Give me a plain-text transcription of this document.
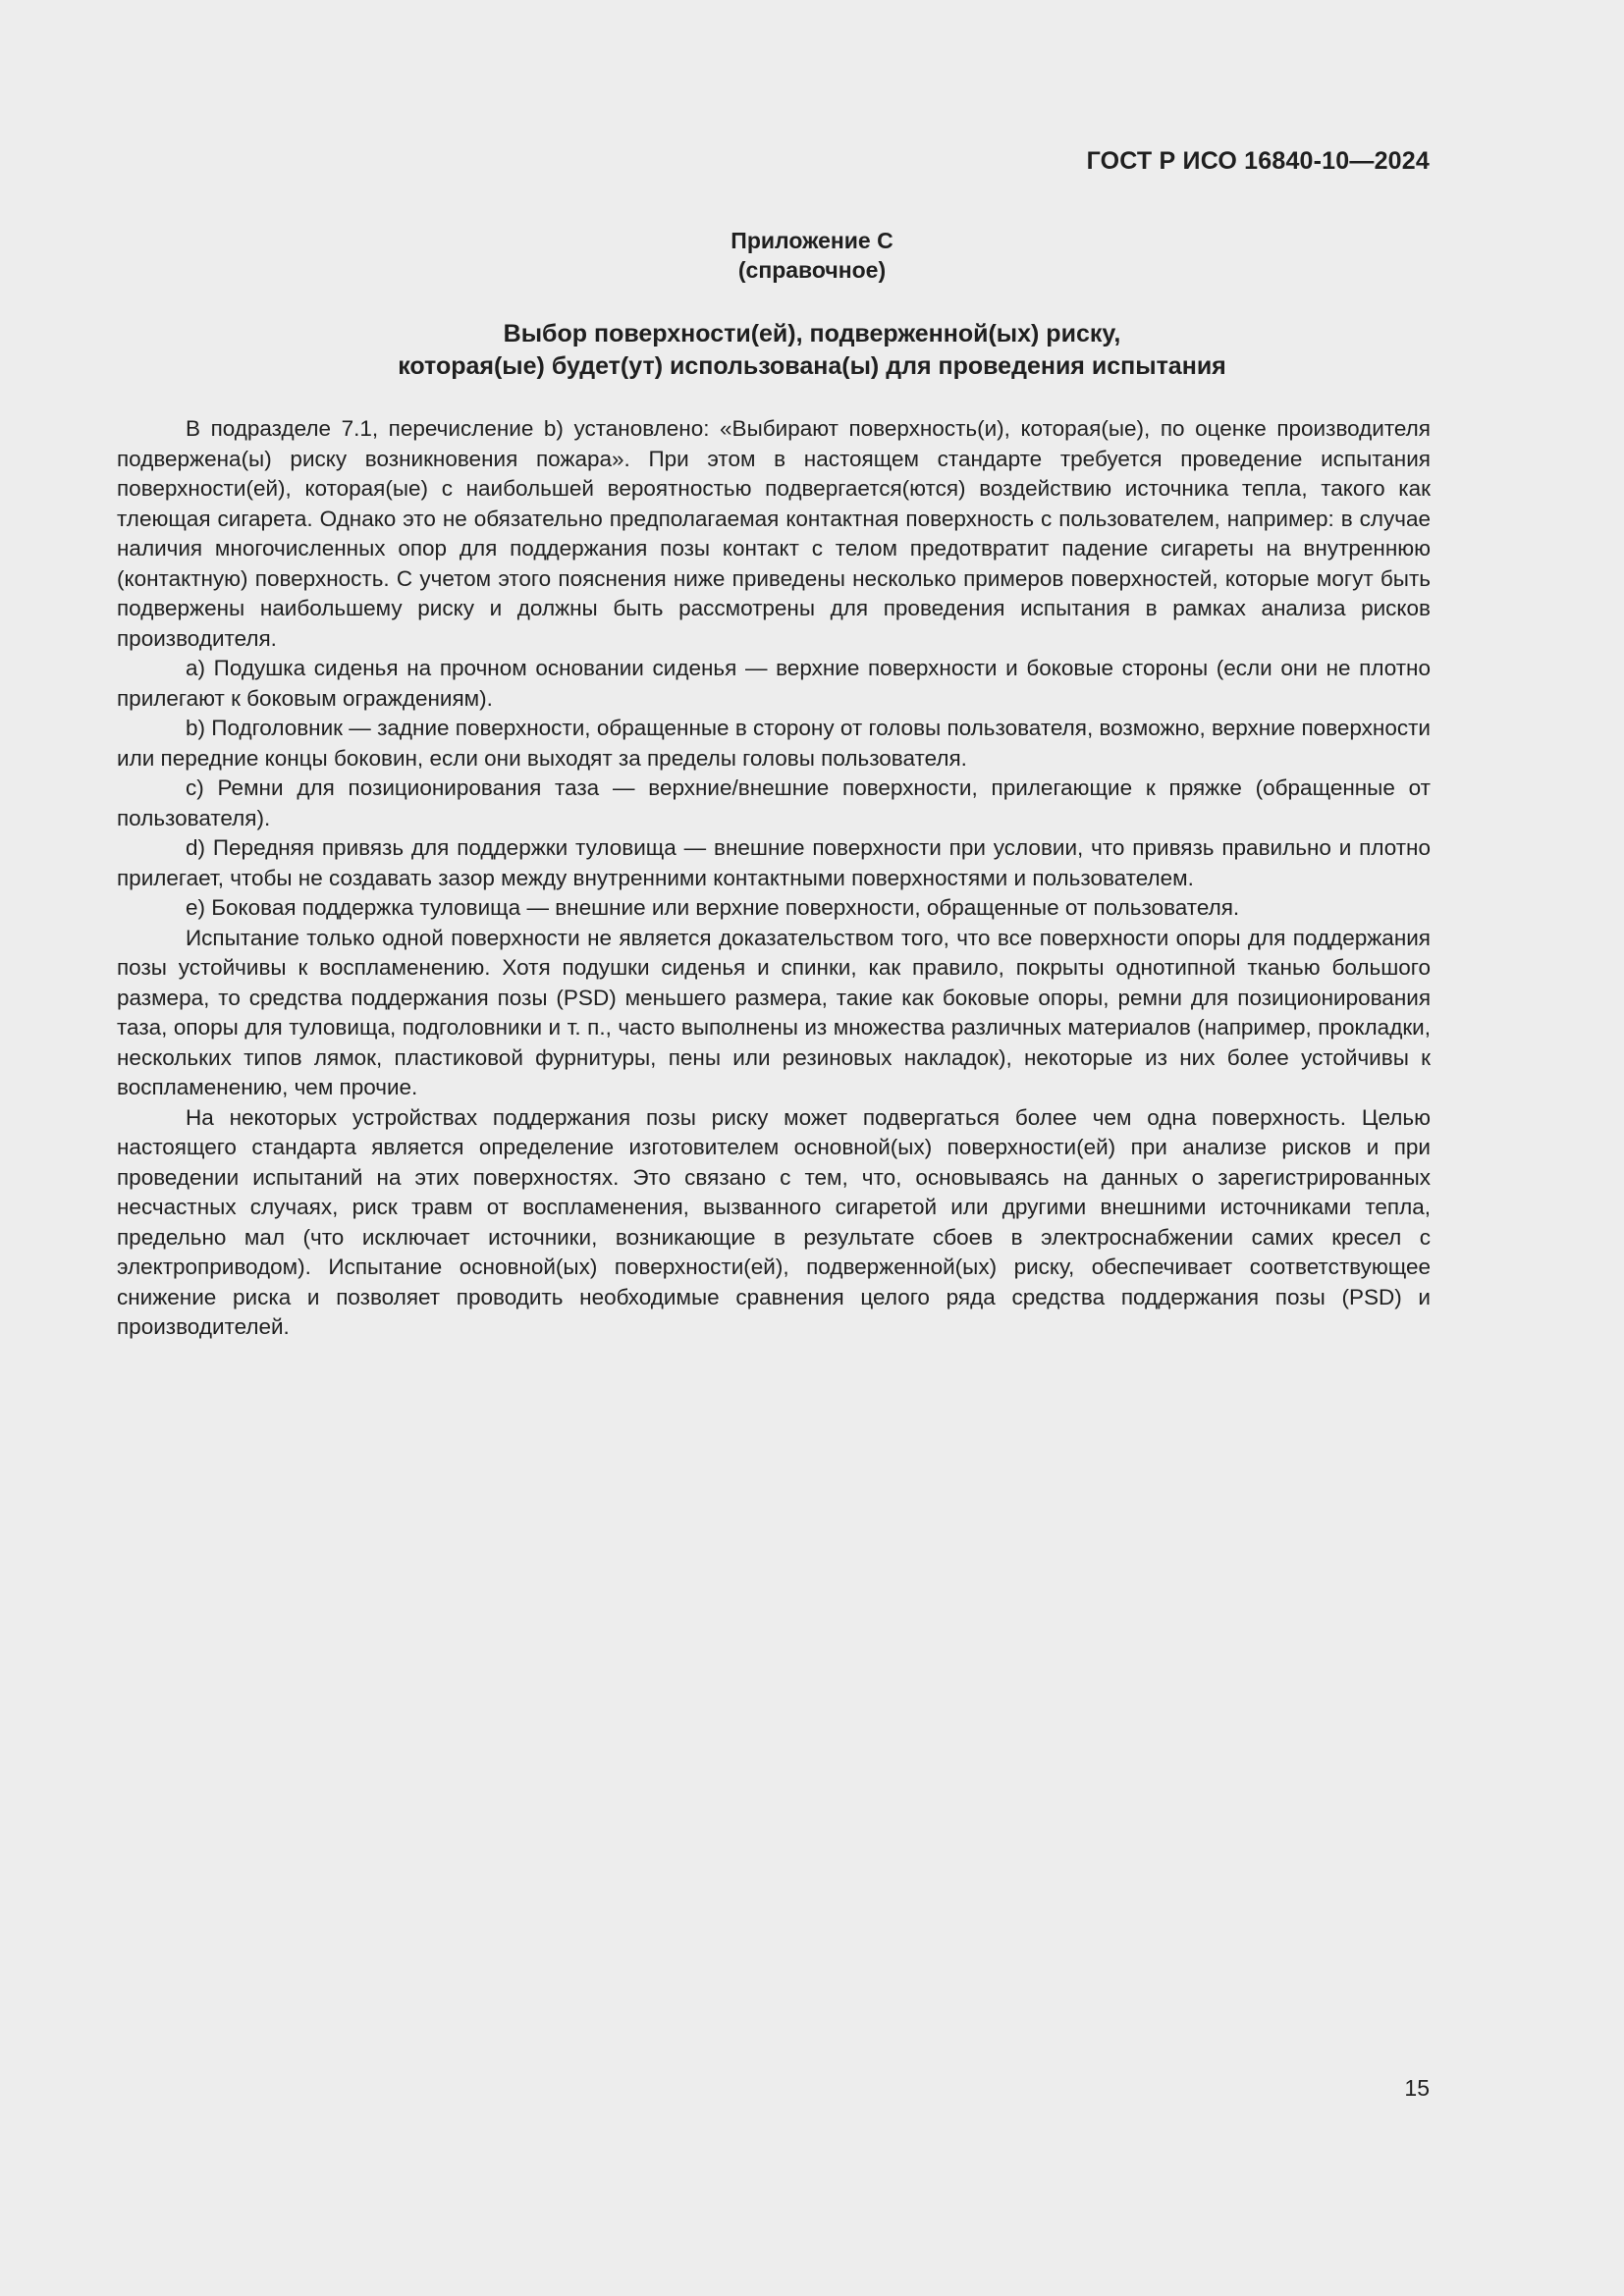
ГОСТ Р ИСО 16840-10—2024
Приложение С
(справочное)
Выбор поверхности(ей), подверженной(ых) риску,
которая(ые) будет(ут) использована(ы) для проведения испытания

В подразделе 7.1, перечисление b) установлено: «Выбирают поверхность(и), которая(ые), по оценке производителя подвержена(ы) риску возникновения пожара». При этом в настоящем стандарте требуется проведение испытания поверхности(ей), которая(ые) с наибольшей вероятностью подвергается(ются) воздействию источника тепла, такого как тлеющая сигарета. Однако это не обязательно предполагаемая контактная поверхность с пользователем, например: в случае наличия многочисленных опор для поддержания позы контакт с телом предотвратит падение сигареты на внутреннюю (контактную) поверхность. С учетом этого пояснения ниже приведены несколько примеров поверхностей, которые могут быть подвержены наибольшему риску и должны быть рассмотрены для проведения испытания в рамках анализа рисков производителя.

a) Подушка сиденья на прочном основании сиденья — верхние поверхности и боковые стороны (если они не плотно прилегают к боковым ограждениям).

b) Подголовник — задние поверхности, обращенные в сторону от головы пользователя, возможно, верхние поверхности или передние концы боковин, если они выходят за пределы головы пользователя.

c) Ремни для позиционирования таза — верхние/внешние поверхности, прилегающие к пряжке (обращенные от пользователя).

d) Передняя привязь для поддержки туловища — внешние поверхности при условии, что привязь правильно и плотно прилегает, чтобы не создавать зазор между внутренними контактными поверхностями и пользователем.

e) Боковая поддержка туловища — внешние или верхние поверхности, обращенные от пользователя.

Испытание только одной поверхности не является доказательством того, что все поверхности опоры для поддержания позы устойчивы к воспламенению. Хотя подушки сиденья и спинки, как правило, покрыты однотипной тканью большого размера, то средства поддержания позы (PSD) меньшего размера, такие как боковые опоры, ремни для позиционирования таза, опоры для туловища, подголовники и т. п., часто выполнены из множества различных материалов (например, прокладки, нескольких типов лямок, пластиковой фурнитуры, пены или резиновых накладок), некоторые из них более устойчивы к воспламенению, чем прочие.

На некоторых устройствах поддержания позы риску может подвергаться более чем одна поверхность. Целью настоящего стандарта является определение изготовителем основной(ых) поверхности(ей) при анализе рисков и при проведении испытаний на этих поверхностях. Это связано с тем, что, основываясь на данных о зарегистрированных несчастных случаях, риск травм от воспламенения, вызванного сигаретой или другими внешними источниками тепла, предельно мал (что исключает источники, возникающие в результате сбоев в электроснабжении самих кресел с электроприводом). Испытание основной(ых) поверхности(ей), подверженной(ых) риску, обеспечивает соответствующее снижение риска и позволяет проводить необходимые сравнения целого ряда средства поддержания позы (PSD) и производителей.

15
